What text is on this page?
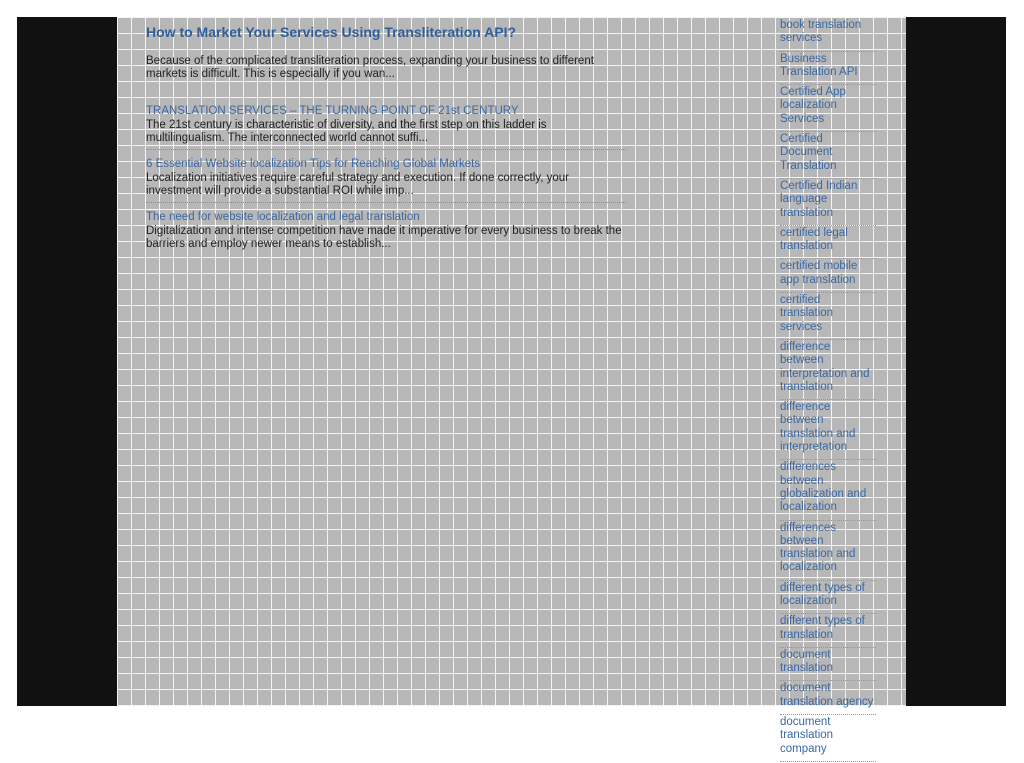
How to Market Your Services Using Transliteration API?

Because of the complicated transliteration process, expanding your business to different markets is difficult. This is especially if you wan...

TRANSLATION SERVICES – THE TURNING POINT OF 21st CENTURY

The 21st century is characteristic of diversity, and the first step on this ladder is multilingualism. The interconnected world cannot suffi...

6 Essential Website localization Tips for Reaching Global Markets

Localization initiatives require careful strategy and execution. If done correctly, your investment will provide a substantial ROI while imp...

The need for website localization and legal translation

Digitalization and intense competition have made it imperative for every business to break the barriers and employ newer means to establish...

book translation services
Business Translation API
Certified App localization Services
Certified Document Translation
Certified Indian language translation
certified legal translation
certified mobile app translation
certified translation services
difference between interpretation and translation
difference between translation and interpretation
differences between globalization and localization
differences between translation and localization
different types of localization
different types of translation
document translation
document translation agency
document translation company
